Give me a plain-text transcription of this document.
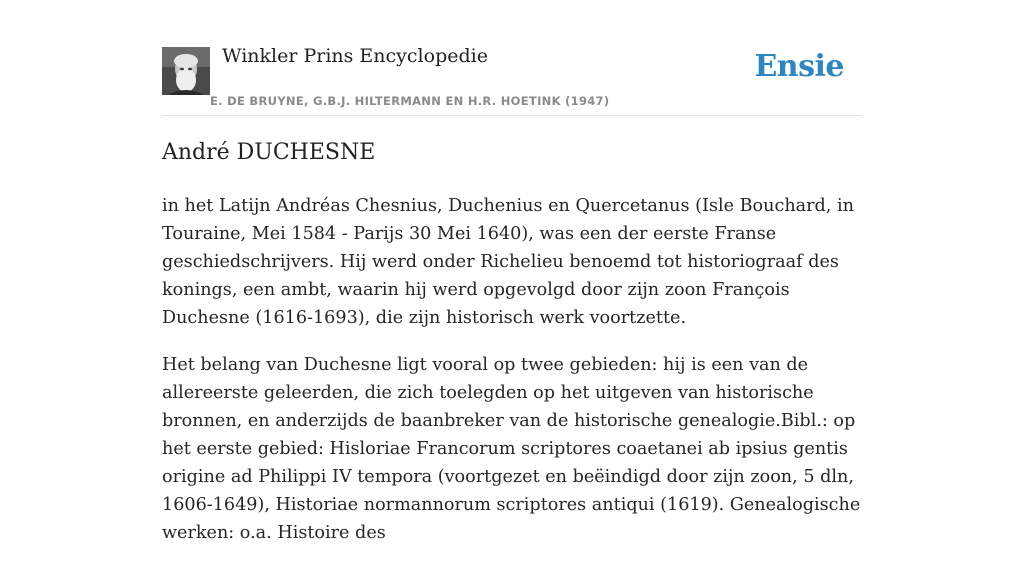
Winkler Prins Encyclopedie
E. DE BRUYNE, G.B.J. HILTERMANN EN H.R. HOETINK (1947)
Ensie
André DUCHESNE

in het Latijn Andréas Chesnius, Duchenius en Quercetanus (Isle Bouchard, in Touraine, Mei 1584 - Parijs 30 Mei 1640), was een der eerste Franse geschiedschrijvers. Hij werd onder Richelieu benoemd tot historiograaf des konings, een ambt, waarin hij werd opgevolgd door zijn zoon François Duchesne (1616-1693), die zijn historisch werk voortzette.

Het belang van Duchesne ligt vooral op twee gebieden: hij is een van de allereerste geleerden, die zich toelegden op het uitgeven van historische bronnen, en anderzijds de baanbreker van de historische genealogie.Bibl.: op het eerste gebied: Hisloriae Francorum scriptores coaetanei ab ipsius gentis origine ad Philippi IV tempora (voortgezet en beëindigd door zijn zoon, 5 dln, 1606-1649), Historiae normannorum scriptores antiqui (1619). Genealogische werken: o.a. Histoire des
